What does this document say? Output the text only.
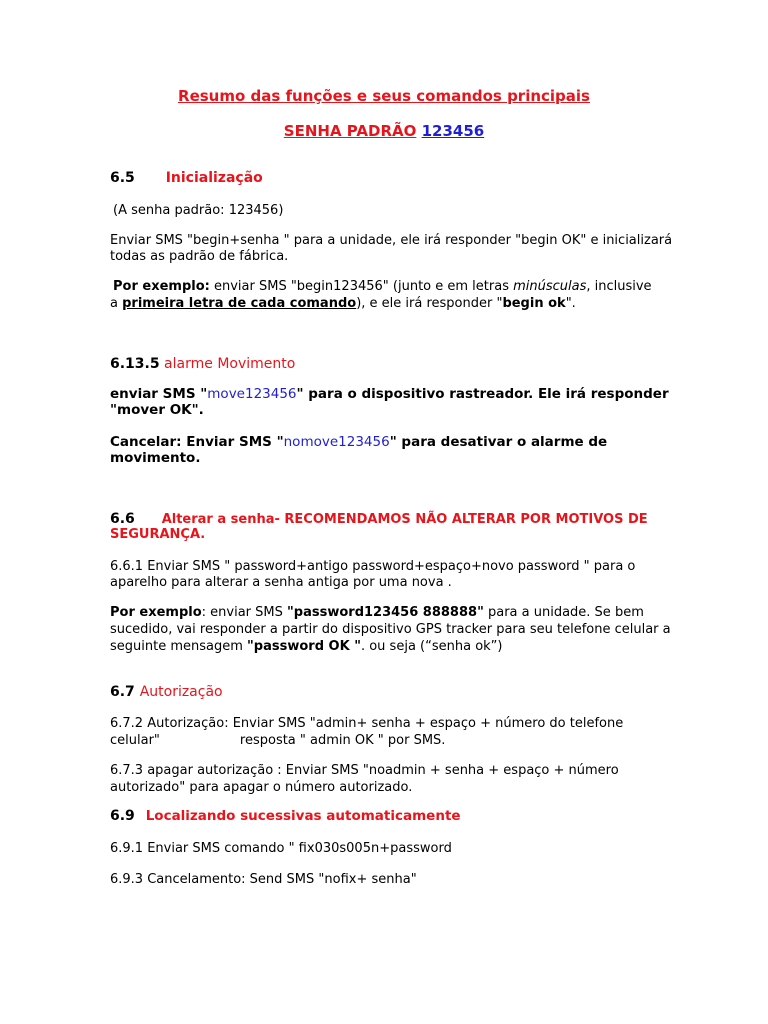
Resumo das funções e seus comandos principais
SENHA PADRÃO 123456
6.5 Inicialização
(A senha padrão: 123456)
Enviar SMS "begin+senha " para a unidade, ele irá responder "begin OK" e inicializará
todas as padrão de fábrica.
Por exemplo: enviar SMS "begin123456" (junto e em letras minúsculas, inclusive
a primeira letra de cada comando), e ele irá responder "begin ok".
6.13.5 alarme Movimento
enviar SMS "move123456" para o dispositivo rastreador. Ele irá responder
"mover OK".
Cancelar: Enviar SMS "nomove123456" para desativar o alarme de
movimento.
6.6 Alterar a senha- RECOMENDAMOS NÃO ALTERAR POR MOTIVOS DE
SEGURANÇA.
6.6.1 Enviar SMS " password+antigo password+espaço+novo password " para o
aparelho para alterar a senha antiga por uma nova .
Por exemplo: enviar SMS "password123456 888888" para a unidade. Se bem
sucedido, vai responder a partir do dispositivo GPS tracker para seu telefone celular a
seguinte mensagem "password OK ". ou seja (“senha ok”)
6.7 Autorização
6.7.2 Autorização: Enviar SMS "admin+ senha + espaço + número do telefone
celular"	resposta " admin OK " por SMS.
6.7.3 apagar autorização : Enviar SMS "noadmin + senha + espaço + número
autorizado" para apagar o número autorizado.
6.9 Localizando sucessivas automaticamente
6.9.1 Enviar SMS comando " fix030s005n+password
6.9.3 Cancelamento: Send SMS "nofix+ senha"
